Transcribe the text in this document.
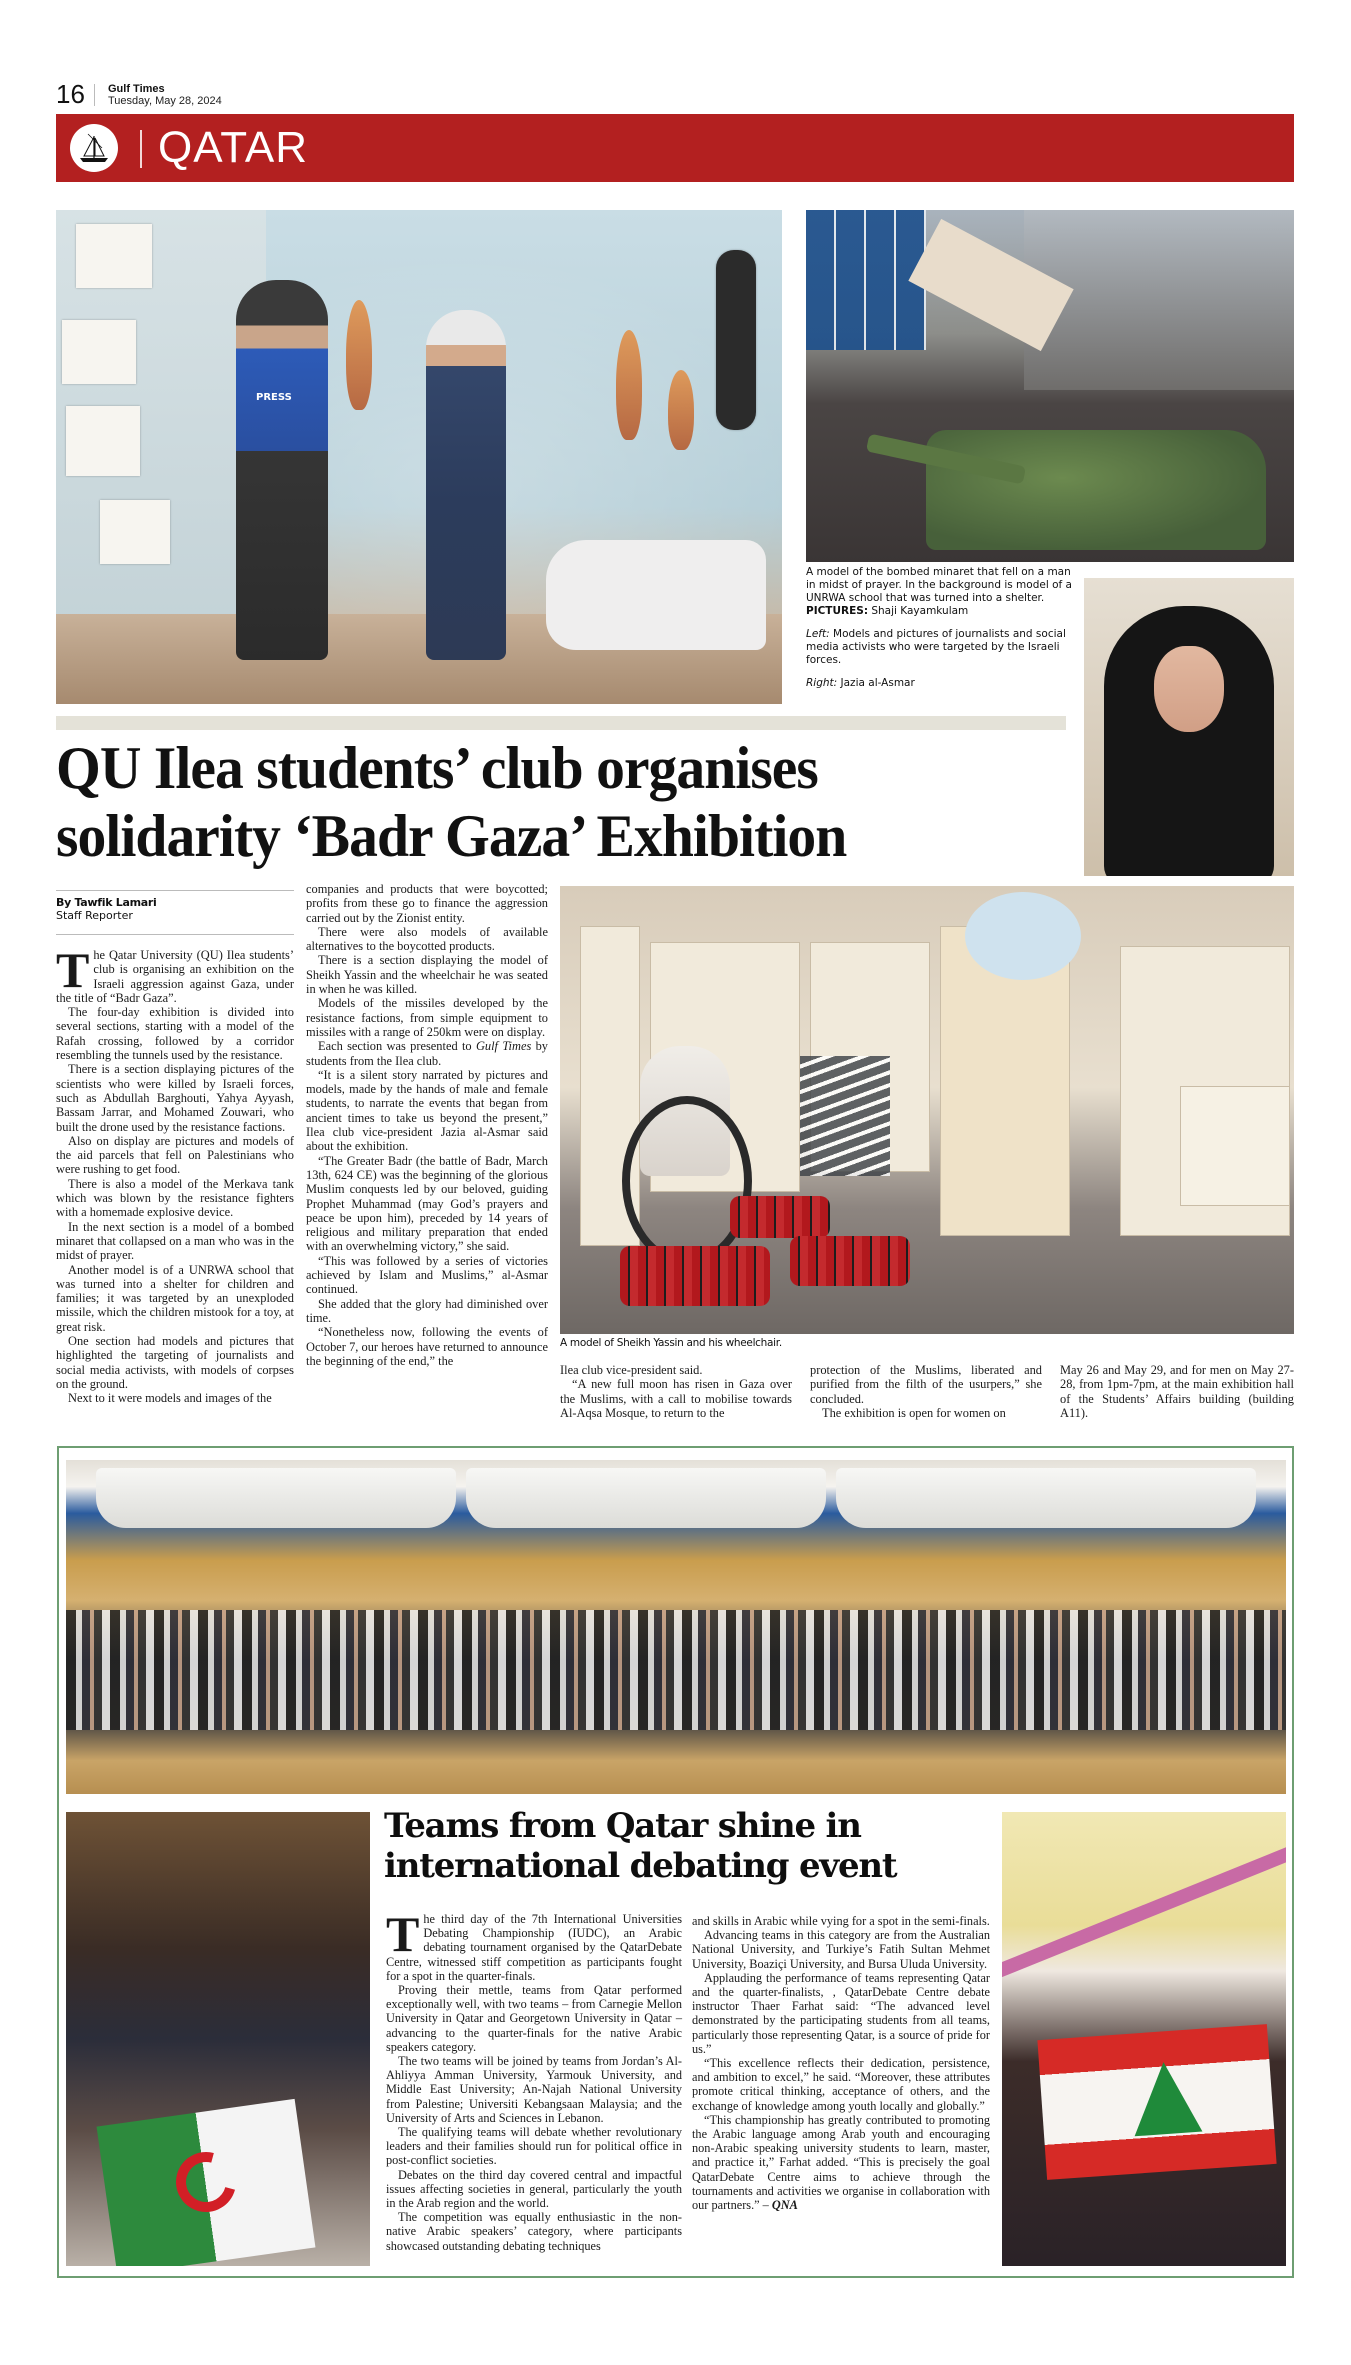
16 Gulf Times
Tuesday, May 28, 2024
QATAR
PRESS

A model of the bombed minaret that fell on a man in midst of prayer. In the background is model of a UNRWA school that was turned into a shelter. PICTURES: Shaji Kayamkulam

Left: Models and pictures of journalists and social media activists who were targeted by the Israeli forces.

Right: Jazia al-Asmar

QU Ilea students’ club organises solidarity ‘Badr Gaza’ Exhibition
By Tawfik Lamari
Staff Reporter

The Qatar University (QU) Ilea students’ club is organising an exhibition on the Israeli aggression against Gaza, under the title of “Badr Gaza”.

The four-day exhibition is divided into several sections, starting with a model of the Rafah crossing, followed by a corridor resembling the tunnels used by the resistance.

There is a section displaying pictures of the scientists who were killed by Israeli forces, such as Abdullah Barghouti, Yahya Ayyash, Bassam Jarrar, and Mohamed Zouwari, who built the drone used by the resistance factions.

Also on display are pictures and models of the aid parcels that fell on Palestinians who were rushing to get food.

There is also a model of the Merkava tank which was blown by the resistance fighters with a homemade explosive device.

In the next section is a model of a bombed minaret that collapsed on a man who was in the midst of prayer.

Another model is of a UNRWA school that was turned into a shelter for children and families; it was targeted by an unexploded missile, which the children mistook for a toy, at great risk.

One section had models and pictures that highlighted the targeting of journalists and social media activists, with models of corpses on the ground.

Next to it were models and images of the

companies and products that were boycotted; profits from these go to finance the aggression carried out by the Zionist entity.

There were also models of available alternatives to the boycotted products.

There is a section displaying the model of Sheikh Yassin and the wheelchair he was seated in when he was killed.

Models of the missiles developed by the resistance factions, from simple equipment to missiles with a range of 250km were on display.

Each section was presented to Gulf Times by students from the Ilea club.

“It is a silent story narrated by pictures and models, made by the hands of male and female students, to narrate the events that began from ancient times to take us beyond the present,” Ilea club vice-president Jazia al-Asmar said about the exhibition.

“The Greater Badr (the battle of Badr, March 13th, 624 CE) was the beginning of the glorious Muslim conquests led by our beloved, guiding Prophet Muhammad (may God’s prayers and peace be upon him), preceded by 14 years of religious and military preparation that ended with an overwhelming victory,” she said.

“This was followed by a series of victories achieved by Islam and Muslims,” al-Asmar continued.

She added that the glory had diminished over time.

“Nonetheless now, following the events of October 7, our heroes have returned to announce the beginning of the end,” the

A model of Sheikh Yassin and his wheelchair.

Ilea club vice-president said.

“A new full moon has risen in Gaza over the Muslims, with a call to mobilise towards Al-Aqsa Mosque, to return to the

protection of the Muslims, liberated and purified from the filth of the usurpers,” she concluded.

The exhibition is open for women on

May 26 and May 29, and for men on May 27-28, from 1pm-7pm, at the main exhibition hall of the Students’ Affairs building (building A11).

Teams from Qatar shine in international debating event

The third day of the 7th International Universities Debating Championship (IUDC), an Arabic debating tournament organised by the QatarDebate Centre, witnessed stiff competition as participants fought for a spot in the quarter-finals.

Proving their mettle, teams from Qatar performed exceptionally well, with two teams – from Carnegie Mellon University in Qatar and Georgetown University in Qatar – advancing to the quarter-finals for the native Arabic speakers category.

The two teams will be joined by teams from Jordan’s Al-Ahliyya Amman University, Yarmouk University, and Middle East University; An-Najah National University from Palestine; Universiti Kebangsaan Malaysia; and the University of Arts and Sciences in Lebanon.

The qualifying teams will debate whether revolutionary leaders and their families should run for political office in post-conflict societies.

Debates on the third day covered central and impactful issues affecting societies in general, particularly the youth in the Arab region and the world.

The competition was equally enthusiastic in the non-native Arabic speakers’ category, where participants showcased outstanding debating techniques

and skills in Arabic while vying for a spot in the semi-finals.

Advancing teams in this category are from the Australian National University, and Turkiye’s Fatih Sultan Mehmet University, Boaziçi University, and Bursa Uluda University.

Applauding the performance of teams representing Qatar and the quarter-finalists, , QatarDebate Centre debate instructor Thaer Farhat said: “The advanced level demonstrated by the participating students from all teams, particularly those representing Qatar, is a source of pride for us.”

“This excellence reflects their dedication, persistence, and ambition to excel,” he said. “Moreover, these attributes promote critical thinking, acceptance of others, and the exchange of knowledge among youth locally and globally.”

“This championship has greatly contributed to promoting the Arabic language among Arab youth and encouraging non-Arabic speaking university students to learn, master, and practice it,” Farhat added. “This is precisely the goal QatarDebate Centre aims to achieve through the tournaments and activities we organise in collaboration with our partners.” – QNA
